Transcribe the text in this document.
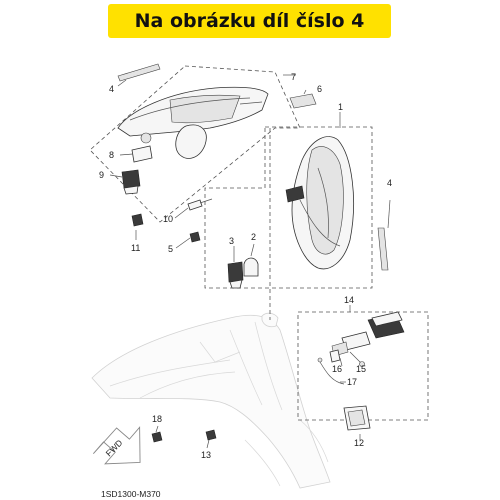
Na obrázku díl číslo 4
FWD
4
7
6
1
8
9
4
10
5
3 2
11
14
16 15
17
12
18
13
1SD1300-M370
